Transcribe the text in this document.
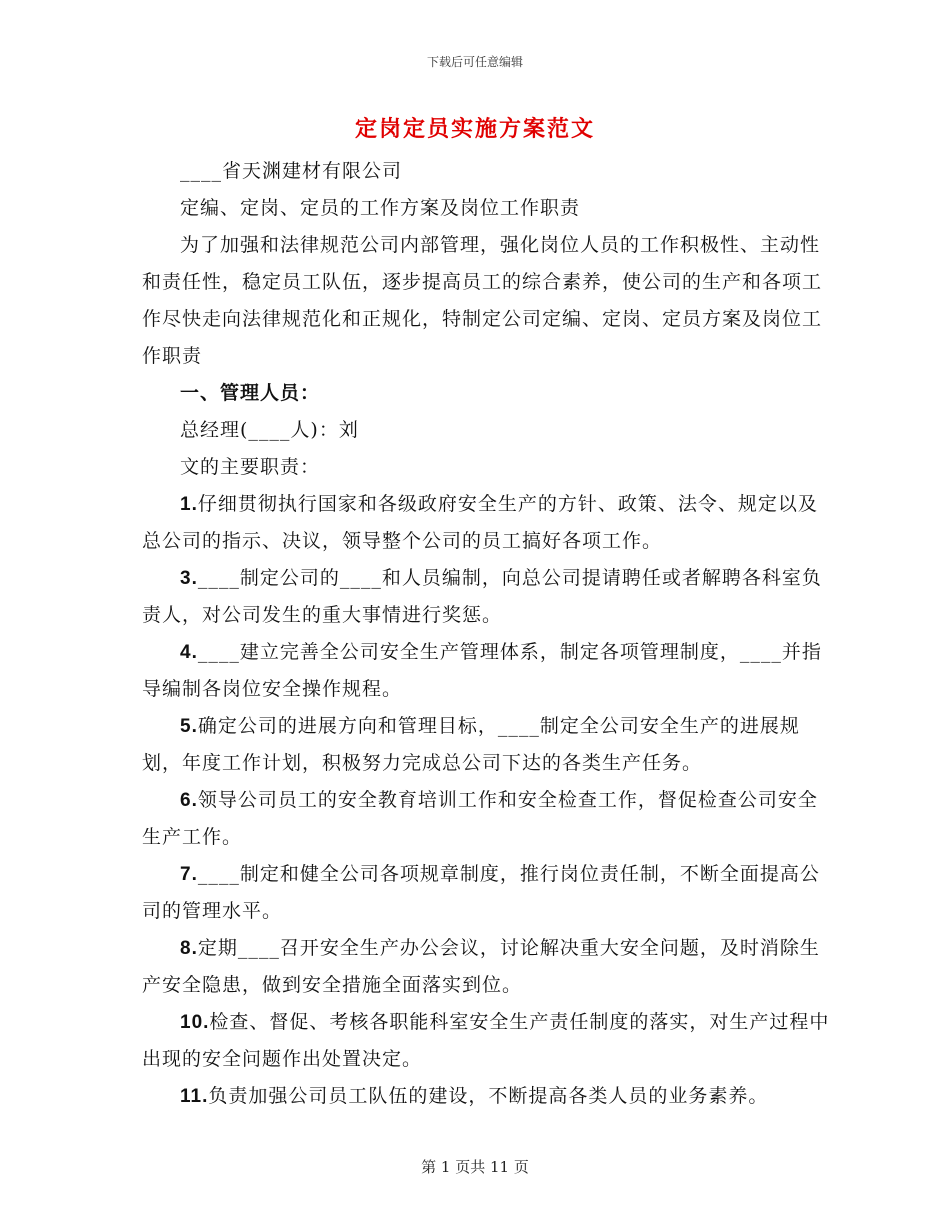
下载后可任意编辑
定岗定员实施方案范文

____省天渊建材有限公司

定编、定岗、定员的工作方案及岗位工作职责

为了加强和法律规范公司内部管理，强化岗位人员的工作积极性、主动性和责任性，稳定员工队伍，逐步提高员工的综合素养，使公司的生产和各项工作尽快走向法律规范化和正规化，特制定公司定编、定岗、定员方案及岗位工作职责

一、管理人员：

总经理(____人)：刘

文的主要职责：

1.仔细贯彻执行国家和各级政府安全生产的方针、政策、法令、规定以及总公司的指示、决议，领导整个公司的员工搞好各项工作。

3.____制定公司的____和人员编制，向总公司提请聘任或者解聘各科室负责人，对公司发生的重大事情进行奖惩。

4.____建立完善全公司安全生产管理体系，制定各项管理制度，____并指导编制各岗位安全操作规程。

5.确定公司的进展方向和管理目标，____制定全公司安全生产的进展规划，年度工作计划，积极努力完成总公司下达的各类生产任务。

6.领导公司员工的安全教育培训工作和安全检查工作，督促检查公司安全生产工作。

7.____制定和健全公司各项规章制度，推行岗位责任制，不断全面提高公司的管理水平。

8.定期____召开安全生产办公会议，讨论解决重大安全问题，及时消除生产安全隐患，做到安全措施全面落实到位。

10.检查、督促、考核各职能科室安全生产责任制度的落实，对生产过程中出现的安全问题作出处置决定。

11.负责加强公司员工队伍的建设，不断提高各类人员的业务素养。

第 1 页共 11 页
